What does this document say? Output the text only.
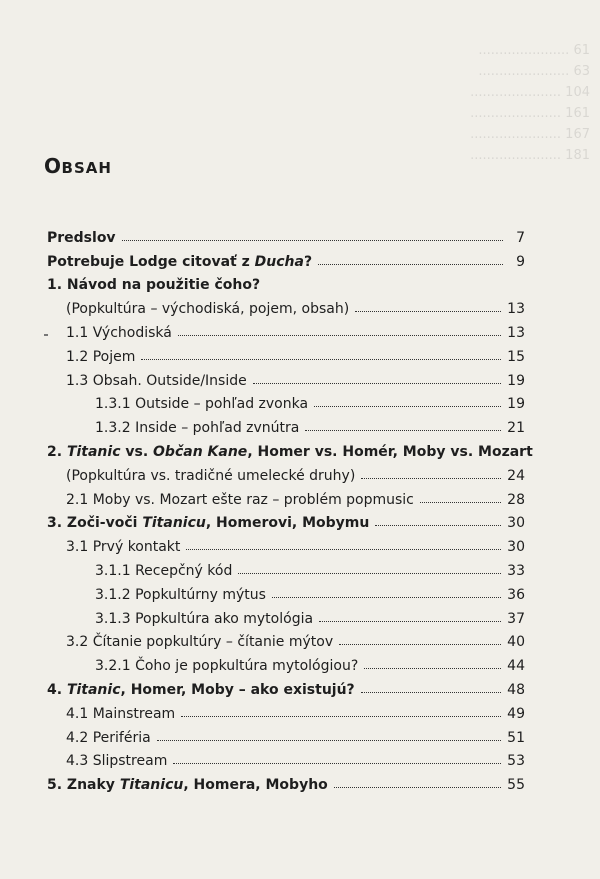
...................... 61
...................... 63
...................... 104
...................... 161
...................... 167
...................... 181
OBSAH
Predslov	7
Potrebuje Lodge citovať z Ducha?	9
1. Návod na použitie čoho?
(Popkultúra – východiská, pojem, obsah)	13
1.1 Východiská	13
1.2 Pojem	15
1.3 Obsah. Outside/Inside	19
1.3.1 Outside – pohľad zvonka	19
1.3.2 Inside – pohľad zvnútra	21
2. Titanic vs. Občan Kane, Homer vs. Homér, Moby vs. Mozart
(Popkultúra vs. tradičné umelecké druhy)	24
2.1 Moby vs. Mozart ešte raz – problém popmusic	28
3. Zoči-voči Titanicu, Homerovi, Mobymu	30
3.1 Prvý kontakt	30
3.1.1 Recepčný kód	33
3.1.2 Popkultúrny mýtus	36
3.1.3 Popkultúra ako mytológia	37
3.2 Čítanie popkultúry – čítanie mýtov	40
3.2.1 Čoho je popkultúra mytológiou?	44
4. Titanic, Homer, Moby – ako existujú?	48
4.1 Mainstream	49
4.2 Periféria	51
4.3 Slipstream	53
5. Znaky Titanicu, Homera, Mobyho	55
